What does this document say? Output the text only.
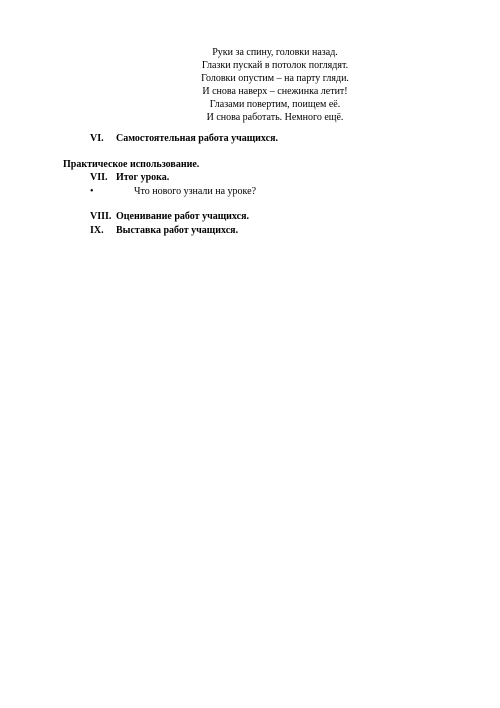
Руки за спину, головки назад.
Глазки пускай в потолок поглядят.
Головки опустим – на парту гляди.
И снова наверх – снежинка летит!
Глазами повертим, поищем её.
И снова работать. Немного ещё.
VI. Самостоятельная работа учащихся.
Практическое использование.
VII. Итог урока.
•	Что нового узнали на уроке?
VIII. Оценивание работ учащихся.
IX. Выставка работ учащихся.
